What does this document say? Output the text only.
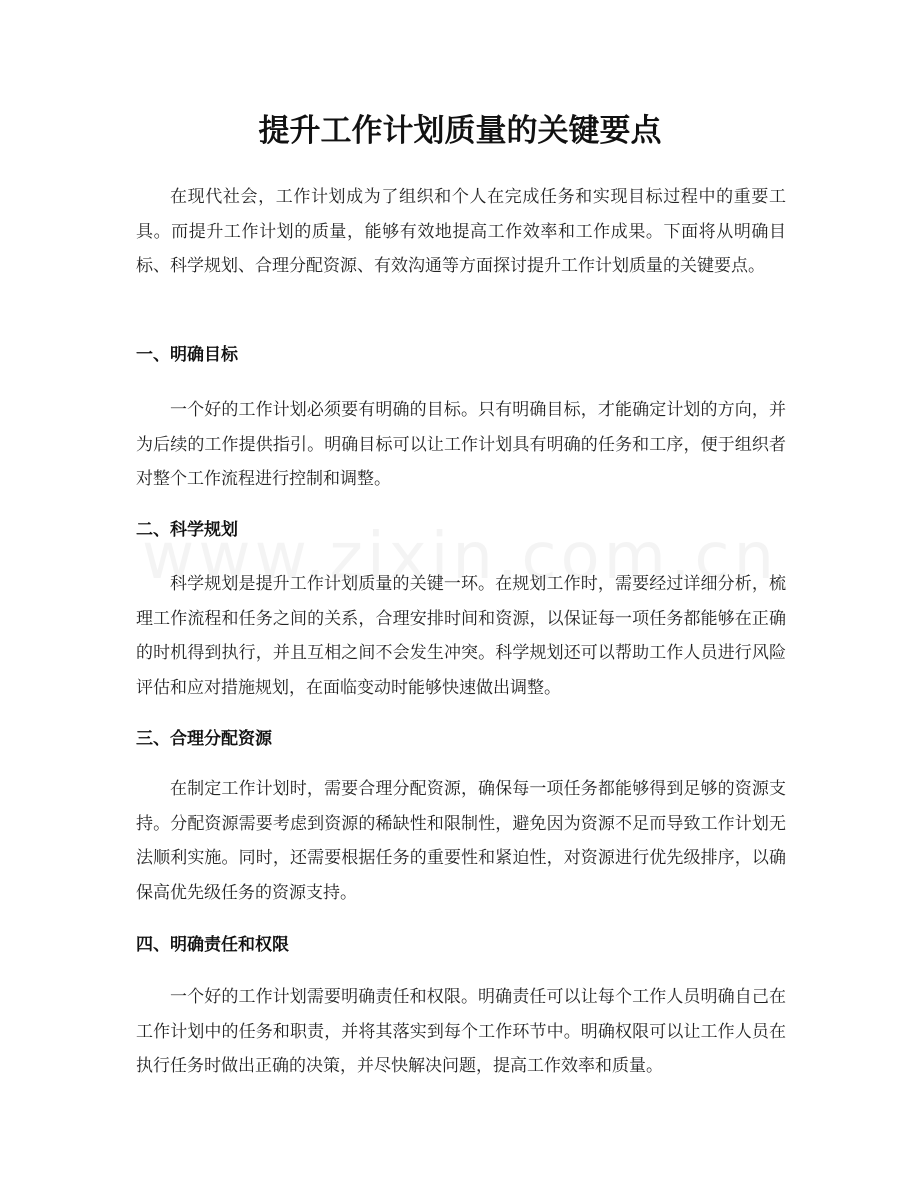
提升工作计划质量的关键要点

在现代社会，工作计划成为了组织和个人在完成任务和实现目标过程中的重要工具。而提升工作计划的质量，能够有效地提高工作效率和工作成果。下面将从明确目标、科学规划、合理分配资源、有效沟通等方面探讨提升工作计划质量的关键要点。

一、明确目标

一个好的工作计划必须要有明确的目标。只有明确目标，才能确定计划的方向，并为后续的工作提供指引。明确目标可以让工作计划具有明确的任务和工序，便于组织者对整个工作流程进行控制和调整。

二、科学规划

科学规划是提升工作计划质量的关键一环。在规划工作时，需要经过详细分析，梳理工作流程和任务之间的关系，合理安排时间和资源，以保证每一项任务都能够在正确的时机得到执行，并且互相之间不会发生冲突。科学规划还可以帮助工作人员进行风险评估和应对措施规划，在面临变动时能够快速做出调整。

三、合理分配资源

在制定工作计划时，需要合理分配资源，确保每一项任务都能够得到足够的资源支持。分配资源需要考虑到资源的稀缺性和限制性，避免因为资源不足而导致工作计划无法顺利实施。同时，还需要根据任务的重要性和紧迫性，对资源进行优先级排序，以确保高优先级任务的资源支持。

四、明确责任和权限

一个好的工作计划需要明确责任和权限。明确责任可以让每个工作人员明确自己在工作计划中的任务和职责，并将其落实到每个工作环节中。明确权限可以让工作人员在执行任务时做出正确的决策，并尽快解决问题，提高工作效率和质量。
